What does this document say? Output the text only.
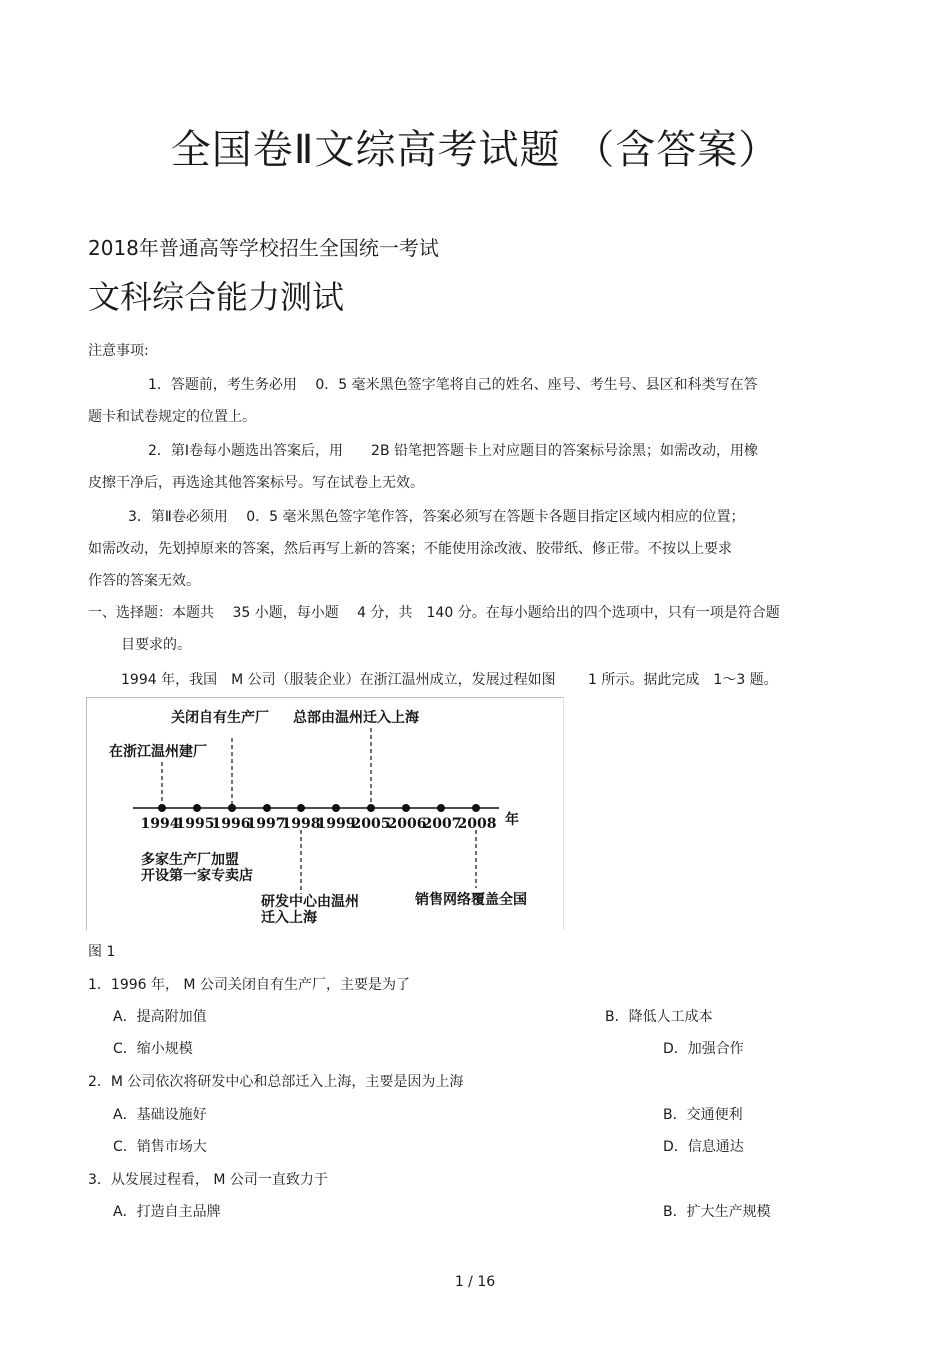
全国卷Ⅱ文综高考试题 （含答案）
2018年普通高等学校招生全国统一考试
文科综合能力测试
注意事项:
1．答题前，考生务必用　 0．5 毫米黑色签字笔将自己的姓名、座号、考生号、县区和科类写在答
题卡和试卷规定的位置上。
2．第Ⅰ卷每小题选出答案后，用　　2B 铅笔把答题卡上对应题目的答案标号涂黑；如需改动，用橡
皮擦干净后，再选途其他答案标号。写在试卷上无效。
3．第Ⅱ卷必须用　 0．5 毫米黑色签字笔作答，答案必须写在答题卡各题目指定区域内相应的位置；
如需改动，先划掉原来的答案，然后再写上新的答案；不能使用涂改液、胶带纸、修正带。不按以上要求
作答的答案无效。
一、选择题：本题共　 35 小题，每小题　 4 分，共　140 分。在每小题给出的四个选项中，只有一项是符合题
目要求的。
1994 年，我国　M 公司（服装企业）在浙江温州成立，发展过程如图　　 1 所示。据此完成　1～3 题。
1994
1995
1996
1997
1998
1999
2005
2006
2007
2008 年
在浙江温州建厂
关闭自有生产厂 总部由温州迁入上海
多家生产厂加盟
开设第一家专卖店
研发中心由温州
迁入上海
销售网络覆盖全国
图 1
1．1996 年， M 公司关闭自有生产厂，主要是为了
A．提高附加值	B．降低人工成本
C．缩小规模	D．加强合作
2．M 公司依次将研发中心和总部迁入上海，主要是因为上海
A．基础设施好	B．交通便利
C．销售市场大	D．信息通达
3．从发展过程看， M 公司一直致力于
A．打造自主品牌	B．扩大生产规模
1 / 16
